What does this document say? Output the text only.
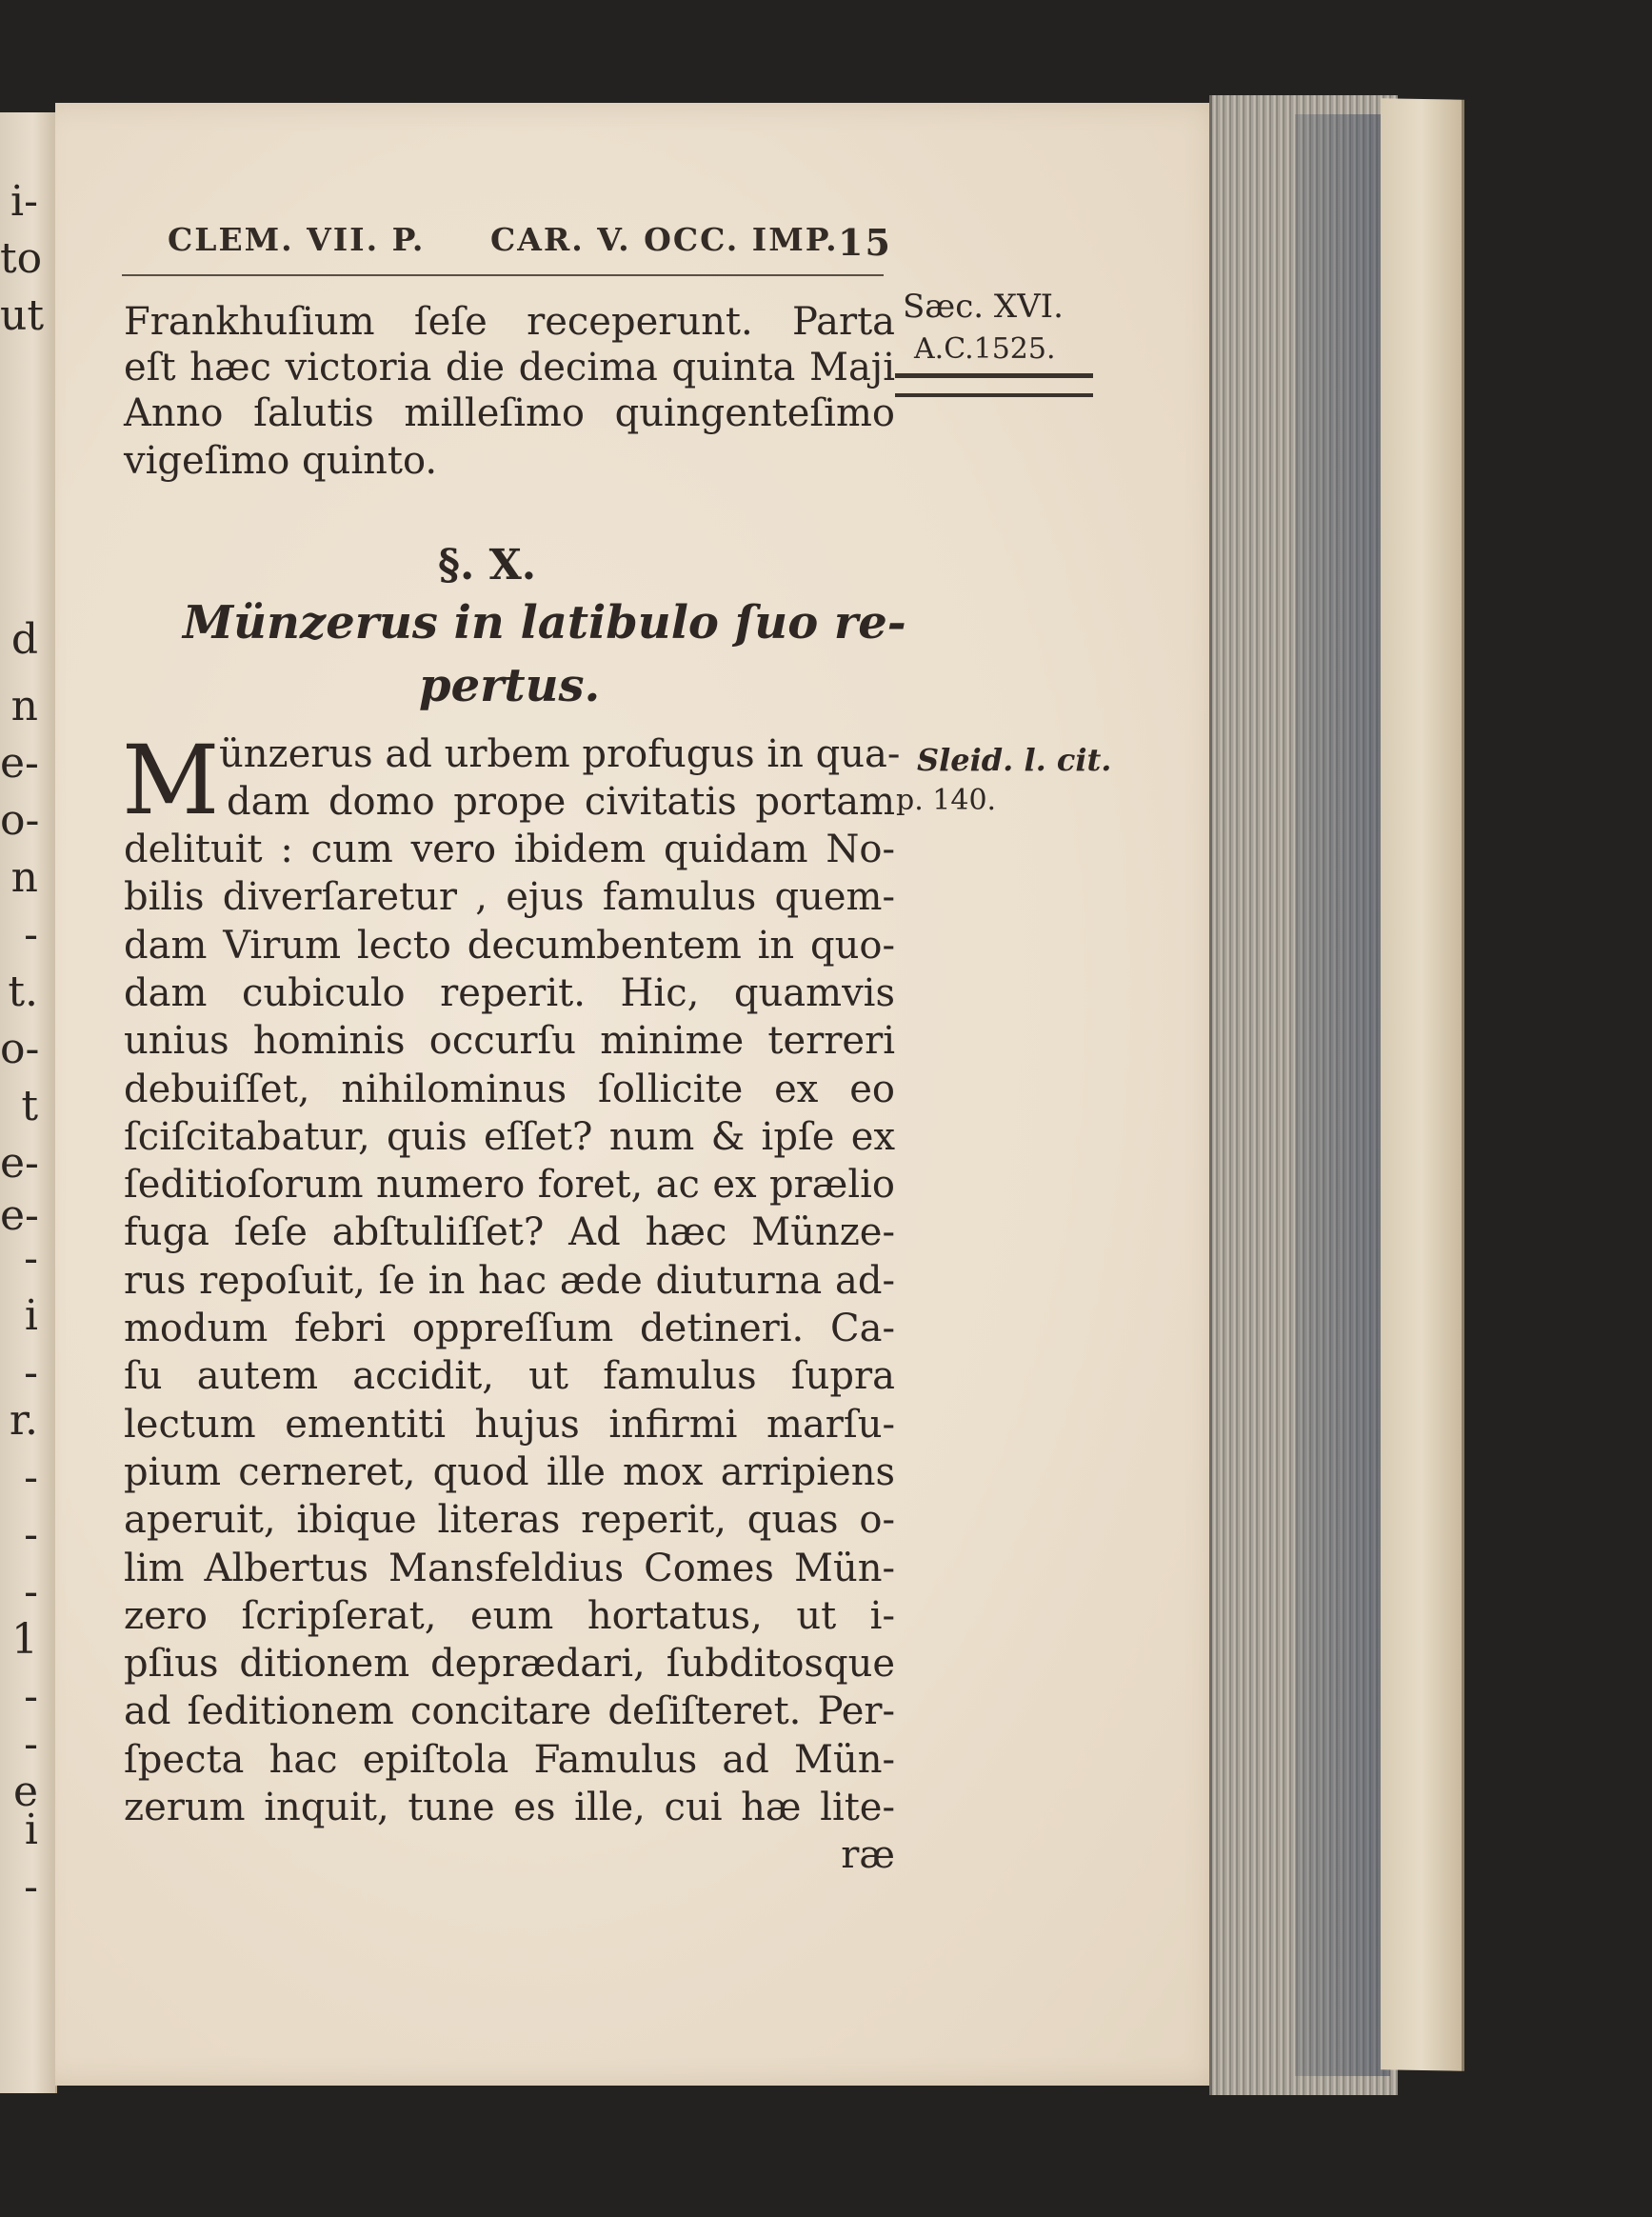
i-
to
ut
d
n
e-
o-
n
-
t.
o-
t
e-
e-
-
i
-
r.
-
-
-
1
-
-
e
i
-
CLEM. VII. P. CAR. V. OCC. IMP. 15
Sæc. XVI.
A.C.1525.
Sleid. l. cit.
p. 140.
Frankhuſium ſeſe receperunt. Parta
eſt hæc victoria die decima quinta Maji
Anno ſalutis milleſimo quingenteſimo
vigeſimo quinto.
§. X.
Münzerus in latibulo ſuo re-
pertus.
M ünzerus ad urbem profugus in qua-
dam domo prope civitatis portam
delituit : cum vero ibidem quidam No-
bilis diverſaretur , ejus famulus quem-
dam Virum lecto decumbentem in quo-
dam cubiculo reperit. Hic, quamvis
unius hominis occurſu minime terreri
debuiſſet, nihilominus ſollicite ex eo
ſciſcitabatur, quis eſſet? num & ipſe ex
ſeditioſorum numero foret, ac ex prælio
fuga ſeſe abſtuliſſet? Ad hæc Münze-
rus repoſuit, ſe in hac æde diuturna ad-
modum febri oppreſſum detineri. Ca-
ſu autem accidit, ut famulus ſupra
lectum ementiti hujus infirmi marſu-
pium cerneret, quod ille mox arripiens
aperuit, ibique literas reperit, quas o-
lim Albertus Mansfeldius Comes Mün-
zero ſcripſerat, eum hortatus, ut i-
pſius ditionem deprædari, ſubditosque
ad ſeditionem concitare deſiſteret. Per-
ſpecta hac epiſtola Famulus ad Mün-
zerum inquit, tune es ille, cui hæ lite-
ræ
